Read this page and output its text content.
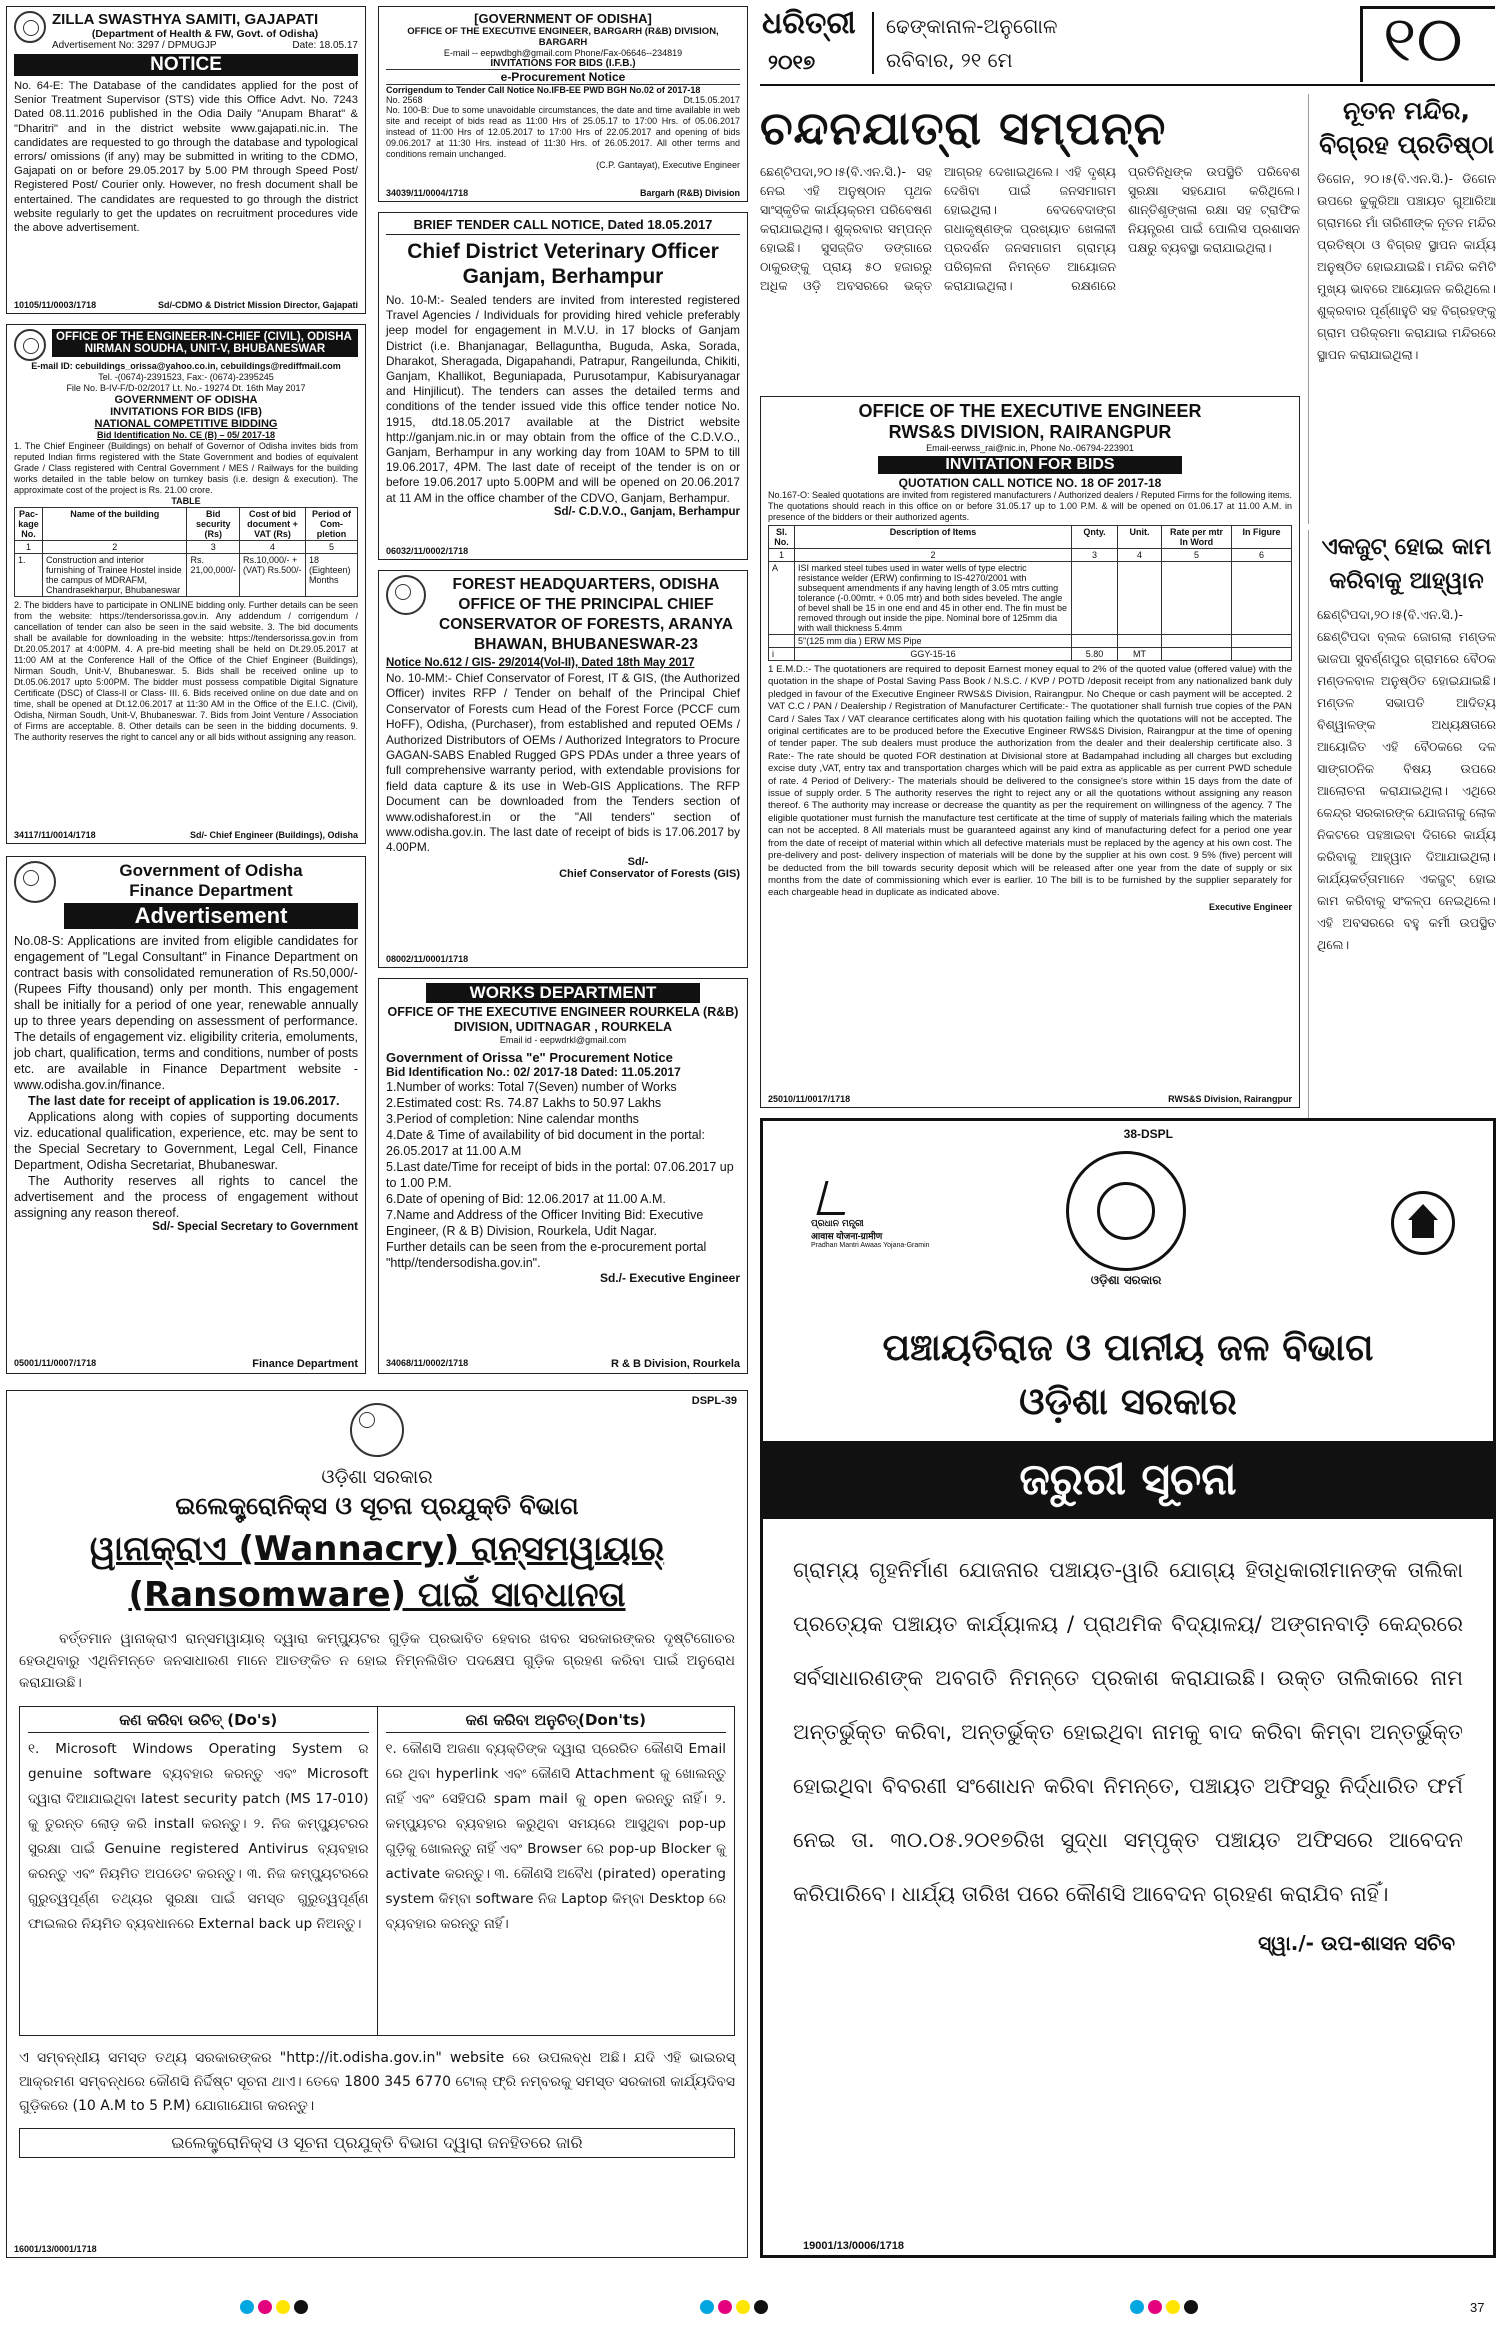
ଧରିତ୍ରୀ
୨୦୧୭
ଢେଙ୍କାନାଳ-ଅନୁଗୋଳ
ରବିବାର, ୨୧ ମେ	୧୦
ZILLA SWASTHYA SAMITI, GAJAPATI
(Department of Health & FW, Govt. of Odisha)
Advertisement No: 3297 / DPMUGJP	Date: 18.05.17
NOTICE
No. 64-E: The Database of the candidates applied for the post of Senior Treatment Supervisor (STS) vide this Office Advt. No. 7243 Dated 08.11.2016 published in the Odia Daily "Anupam Bharat" & "Dharitri" and in the district website www.gajapati.nic.in. The candidates are requested to go through the database and typological errors/ omissions (if any) may be submitted in writing to the CDMO, Gajapati on or before 29.05.2017 by 5.00 PM through Speed Post/ Registered Post/ Courier only. However, no fresh document shall be entertained. The candidates are requested to go through the district website regularly to get the updates on recruitment procedures vide the above advertisement.
10105/11/0003/1718	Sd/-CDMO & District Mission Director, Gajapati
[GOVERNMENT OF ODISHA]
OFFICE OF THE EXECUTIVE ENGINEER, BARGARH (R&B) DIVISION, BARGARH
E-mail -- eepwdbgh@gmail.com Phone/Fax-06646--234819
INVITATIONS FOR BIDS (I.F.B.)
e-Procurement Notice
Corrigendum to Tender Call Notice No.IFB-EE PWD BGH No.02 of 2017-18
No. 2568	Dt.15.05.2017
No. 100-B: Due to some unavoidable circumstances, the date and time available in web site and receipt of bids read as 11:00 Hrs of 25.05.17 to 17:00 Hrs. of 05.06.2017 instead of 11:00 Hrs of 12.05.2017 to 17:00 Hrs of 22.05.2017 and opening of bids 09.06.2017 at 11:30 Hrs. instead of 11:30 Hrs. of 26.05.2017. All other terms and conditions remain unchanged.
(C.P. Gantayat), Executive Engineer
34039/11/0004/1718	Bargarh (R&B) Division
ଚନ୍ଦନଯାତ୍ରା ସମ୍ପନ୍ନ
ଛେଣ୍ଟିପଦା,୨୦।୫(ବି.ଏନ.ସି.)- ସହ ନେଇ ଏହି ଅନୁଷ୍ଠାନ ପୃଥକ ସାଂସ୍କୃତିକ କାର୍ଯ୍ୟକ୍ରମ ପରିବେଷଣ କରାଯାଇଥିଲା। ଶୁକ୍ରବାର ସମ୍ପନ୍ନ ହୋଇଛି। ସୁସଜ୍ଜିତ ଡଙ୍ଗାରେ ଠାକୁରଙ୍କୁ ପ୍ରାୟ ୫୦ ହଜାରରୁ ଅଧିକ ଓଡ଼ି ଅବସରରେ ଭକ୍ତ ଆଗ୍ରହ ଦେଖାଇଥିଲେ। ଏହି ଦୃଶ୍ୟ ଦେଖିବା ପାଇଁ ଜନସମାଗମ ହୋଇଥିଲା। ବେଦବେଦାଙ୍ଗ ଗଧାକୃଷ୍ଣଙ୍କ ପ୍ରଖ୍ୟାତ ଖେଳାଳୀ ପ୍ରଦର୍ଶନ ଜନସମାଗମ ଗ୍ରାମ୍ୟ ପରିଚାଳନା ନିମନ୍ତେ ଆୟୋଜନ କରାଯାଇଥିଲା। ରକ୍ଷଣରେ ପ୍ରତିନିଧିଙ୍କ ଉପସ୍ଥିତି ପରିବେଶ ସୁରକ୍ଷା ସହଯୋଗ କରିଥିଲେ। ଶାନ୍ତିଶୃଙ୍ଖଳା ରକ୍ଷା ସହ ଟ୍ରାଫିକ ନିୟନ୍ତ୍ରଣ ପାଇଁ ପୋଲିସ ପ୍ରଶାସନ ପକ୍ଷରୁ ବ୍ୟବସ୍ଥା କରାଯାଇଥିଲା।
ନୂତନ ମନ୍ଦିର, ବିଗ୍ରହ ପ୍ରତିଷ୍ଠା
ଡିଗେନ, ୨୦।୫(ବି.ଏନ.ସି.)- ଡିଗେନ ଉପରେ ଢୁକୁରିଆ ପଞ୍ଚାୟତ ଗୁଆରିଆ ଗ୍ରାମରେ ମାଁ ତାରିଣୀଙ୍କ ନୂତନ ମନ୍ଦିର ପ୍ରତିଷ୍ଠା ଓ ବିଗ୍ରହ ସ୍ଥାପନ କାର୍ଯ୍ୟ ଅନୁଷ୍ଠିତ ହୋଇଯାଇଛି। ମନ୍ଦିର କମିଟି ମୁଖ୍ୟ ଭାବରେ ଆୟୋଜନ କରିଥିଲେ। ଶୁକ୍ରବାର ପୂର୍ଣ୍ଣାହୁତି ସହ ବିଗ୍ରହଙ୍କୁ ଗ୍ରାମ ପରିକ୍ରମା କରାଯାଇ ମନ୍ଦିରରେ ସ୍ଥାପନ କରାଯାଇଥିଲା।
OFFICE OF THE ENGINEER-IN-CHIEF (CIVIL), ODISHA
NIRMAN SOUDHA, UNIT-V, BHUBANESWAR
E-mail ID: cebuildings_orissa@yahoo.co.in, cebuildings@rediffmail.com
Tel. -(0674)-2391523, Fax:- (0674)-2395245
File No. B-IV-F/D-02/2017 Lt. No.- 19274 Dt. 16th May 2017
GOVERNMENT OF ODISHA
INVITATIONS FOR BIDS (IFB)
NATIONAL COMPETITIVE BIDDING
Bid Identification No. CE (B) – 05/ 2017-18
1. The Chief Engineer (Buildings) on behalf of Governor of Odisha invites bids from reputed Indian firms registered with the State Government and bodies of equivalent Grade / Class registered with Central Government / MES / Railways for the building works detailed in the table below on turnkey basis (i.e. design & execution). The approximate cost of the project is Rs. 21.00 crore.
TABLE
Pac-kage No.	Name of the building	Bid security (Rs)	Cost of bid document + VAT (Rs)	Period of Com-pletion
1	2	3	4	5
1.	Construction and interior furnishing of Trainee Hostel inside the campus of MDRAFM, Chandrasekharpur, Bhubaneswar	Rs. 21,00,000/-	Rs.10,000/- + (VAT) Rs.500/-	18 (Eighteen) Months
2. The bidders have to participate in ONLINE bidding only. Further details can be seen from the website: https://tendersorissa.gov.in. Any addendum / corrigendum / cancellation of tender can also be seen in the said website. 3. The bid documents shall be available for downloading in the website: https://tendersorissa.gov.in from Dt.20.05.2017 at 4:00PM. 4. A pre-bid meeting shall be held on Dt.29.05.2017 at 11:00 AM at the Conference Hall of the Office of the Chief Engineer (Buildings), Nirman Soudh, Unit-V, Bhubaneswar. 5. Bids shall be received online up to Dt.05.06.2017 upto 5:00PM. The bidder must possess compatible Digital Signature Certificate (DSC) of Class-II or Class- III. 6. Bids received online on due date and on time, shall be opened at Dt.12.06.2017 at 11:30 AM in the Office of the E.I.C. (Civil), Odisha, Nirman Soudh, Unit-V, Bhubaneswar. 7. Bids from Joint Venture / Association of Firms are acceptable. 8. Other details can be seen in the bidding documents. 9. The authority reserves the right to cancel any or all bids without assigning any reason.
34117/11/0014/1718	Sd/- Chief Engineer (Buildings), Odisha
BRIEF TENDER CALL NOTICE, Dated 18.05.2017
Chief District Veterinary Officer Ganjam, Berhampur
No. 10-M:- Sealed tenders are invited from interested registered Travel Agencies / Individuals for providing hired vehicle preferably jeep model for engagement in M.V.U. in 17 blocks of Ganjam District (i.e. Bhanjanagar, Bellaguntha, Buguda, Aska, Sorada, Dharakot, Sheragada, Digapahandi, Patrapur, Rangeilunda, Chikiti, Ganjam, Khallikot, Beguniapada, Purusotampur, Kabisuryanagar and Hinjilicut). The tenders can asses the detailed terms and conditions of the tender issued vide this office tender notice No. 1915, dtd.18.05.2017 available at the District website http://ganjam.nic.in or may obtain from the office of the C.D.V.O., Ganjam, Berhampur in any working day from 10AM to 5PM to till 19.06.2017, 4PM. The last date of receipt of the tender is on or before 19.06.2017 upto 5.00PM and will be opened on 20.06.2017 at 11 AM in the office chamber of the CDVO, Ganjam, Berhampur.
Sd/- C.D.V.O., Ganjam, Berhampur
06032/11/0002/1718
OFFICE OF THE EXECUTIVE ENGINEER
RWS&S DIVISION, RAIRANGPUR
Email-eerwss_rai@nic.in, Phone No.-06794-223901
INVITATION FOR BIDS
QUOTATION CALL NOTICE NO. 18 OF 2017-18
No.167-O: Sealed quotations are invited from registered manufacturers / Authorized dealers / Reputed Firms for the following items. The quotations should reach in this office on or before 31.05.17 up to 1.00 P.M. & will be opened on 01.06.17 at 11.00 A.M. in presence of the bidders or their authorized agents.
Sl. No.	Description of Items	Qnty.	Unit.	Rate per mtr In Word	In Figure
1	2	3	4	5	6
A	ISI marked steel tubes used in water wells of type electric resistance welder (ERW) confirming to IS-4270/2001 with subsequent amendments if any having length of 3.05 mtrs cutting tolerance (-0.00mtr. + 0.05 mtr) and both sides beveled. The angle of bevel shall be 15 in one end and 45 in other end. The fin must be removed through out inside the pipe. Nominal bore of 125mm dia with wall thickness 5.4mm				
	5"(125 mm dia ) ERW MS Pipe				
i	GGY-15-16	5.80	MT		
1 E.M.D.:- The quotationers are required to deposit Earnest money equal to 2% of the quoted value (offered value) with the quotation in the shape of Postal Saving Pass Book / N.S.C. / KVP / POTD /deposit receipt from any nationalized bank duly pledged in favour of the Executive Engineer RWS&S Division, Rairangpur. No Cheque or cash payment will be accepted. 2 VAT C.C / PAN / Dealership / Registration of Manufacturer Certificate:- The quotationer shall furnish true copies of the PAN Card / Sales Tax / VAT clearance certificates along with his quotation failing which the quotations will not be accepted. The original certificates are to be produced before the Executive Engineer RWS&S Division, Rairangpur at the time of opening of tender paper. The sub dealers must produce the authorization from the dealer and their dealership certificate also. 3 Rate:- The rate should be quoted FOR destination at Divisional store at Badampahad including all charges but excluding excise duty ,VAT, entry tax and transportation charges which will be paid extra as applicable as per current PWD schedule of rate. 4 Period of Delivery:- The materials should be delivered to the consignee's store within 15 days from the date of issue of supply order. 5 The authority reserves the right to reject any or all the quotations without assigning any reason thereof. 6 The authority may increase or decrease the quantity as per the requirement on willingness of the agency. 7 The eligible quotationer must furnish the manufacture test certificate at the time of supply of materials failing which the materials can not be accepted. 8 All materials must be guaranteed against any kind of manufacturing defect for a period one year from the date of receipt of material within which all defective materials must be replaced by the agency at his own cost. The pre-delivery and post- delivery inspection of materials will be done by the supplier at his own cost. 9 5% (five) percent will be deducted from the bill towards security deposit which will be released after one year from the date of supply or six months from the date of commissioning which ever is earlier. 10 The bill is to be furnished by the supplier separately for each chargeable head in duplicate as indicated above.
Executive Engineer
25010/11/0017/1718	RWS&S Division, Rairangpur
ଏକଜୁଟ୍ ହୋଇ କାମ କରିବାକୁ ଆହ୍ୱାନ
ଛେଣ୍ଟିପଦା,୨୦।୫(ବି.ଏନ.ସି.)- ଛେଣ୍ଟିପଦା ବ୍ଲକ ଜୋଗଲା ମଣ୍ଡଳ ଭାଜପା ସୁବର୍ଣ୍ଣପୁର ଗ୍ରାମରେ ବୈଠକ ମଣ୍ଡଳବାଳ ଅନୁଷ୍ଠିତ ହୋଇଯାଇଛି। ମଣ୍ଡଳ ସଭାପତି ଆଦିତ୍ୟ ବିଶ୍ୱାଳଙ୍କ ଅଧ୍ୟକ୍ଷତାରେ ଆୟୋଜିତ ଏହି ବୈଠକରେ ଦଳ ସାଙ୍ଗଠନିକ ବିଷୟ ଉପରେ ଆଲୋଚନା କରାଯାଇଥିଲା। ଏଥିରେ କେନ୍ଦ୍ର ସରକାରଙ୍କ ଯୋଜନାକୁ ଲୋକ ନିକଟରେ ପହଞ୍ଚାଇବା ଦିଗରେ କାର୍ଯ୍ୟ କରିବାକୁ ଆହ୍ୱାନ ଦିଆଯାଇଥିଲା। କାର୍ଯ୍ୟକର୍ତ୍ତାମାନେ ଏକଜୁଟ୍ ହୋଇ କାମ କରିବାକୁ ସଂକଳ୍ପ ନେଇଥିଲେ। ଏହି ଅବସରରେ ବହୁ କର୍ମୀ ଉପସ୍ଥିତ ଥିଲେ।
FOREST HEADQUARTERS, ODISHA OFFICE OF THE PRINCIPAL CHIEF CONSERVATOR OF FORESTS, ARANYA BHAWAN, BHUBANESWAR-23
Notice No.612 / GIS- 29/2014(Vol-II), Dated 18th May 2017
No. 10-MM:- Chief Conservator of Forest, IT & GIS, (the Authorized Officer) invites RFP / Tender on behalf of the Principal Chief Conservator of Forests cum Head of the Forest Force (PCCF cum HoFF), Odisha, (Purchaser), from established and reputed OEMs / Authorized Distributors of OEMs / Authorized Integrators to Procure GAGAN-SABS Enabled Rugged GPS PDAs under a three years of full comprehensive warranty period, with extendable provisions for field data capture & its use in Web-GIS Applications. The RFP Document can be downloaded from the Tenders section of www.odishaforest.in or the "All tenders" section of www.odisha.gov.in. The last date of receipt of bids is 17.06.2017 by 4.00PM.
Sd/-
Chief Conservator of Forests (GIS)
08002/11/0001/1718
Government of Odisha
Finance Department
Advertisement
No.08-S: Applications are invited from eligible candidates for engagement of "Legal Consultant" in Finance Department on contract basis with consolidated remuneration of Rs.50,000/- (Rupees Fifty thousand) only per month. This engagement shall be initially for a period of one year, renewable annually up to three years depending on assessment of performance. The details of engagement viz. eligibility criteria, emoluments, job chart, qualification, terms and conditions, number of posts etc. are available in Finance Department website - www.odisha.gov.in/finance.
The last date for receipt of application is 19.06.2017.
Applications along with copies of supporting documents viz. educational qualification, experience, etc. may be sent to the Special Secretary to Government, Legal Cell, Finance Department, Odisha Secretariat, Bhubaneswar.
The Authority reserves all rights to cancel the advertisement and the process of engagement without assigning any reason thereof.
Sd/- Special Secretary to Government
05001/11/0007/1718	Finance Department
WORKS DEPARTMENT
OFFICE OF THE EXECUTIVE ENGINEER ROURKELA (R&B) DIVISION, UDITNAGAR , ROURKELA
Email id - eepwdrkl@gmail.com
Government of Orissa "e" Procurement Notice
Bid Identification No.: 02/ 2017-18 Dated: 11.05.2017
1.Number of works: Total 7(Seven) number of Works
2.Estimated cost: Rs. 74.87 Lakhs to 50.97 Lakhs
3.Period of completion: Nine calendar months
4.Date & Time of availability of bid document in the portal: 26.05.2017 at 11.00 A.M
5.Last date/Time for receipt of bids in the portal: 07.06.2017 up to 1.00 P.M.
6.Date of opening of Bid: 12.06.2017 at 11.00 A.M.
7.Name and Address of the Officer Inviting Bid: Executive Engineer, (R & B) Division, Rourkela, Udit Nagar.
Further details can be seen from the e-procurement portal "http//tendersodisha.gov.in".
Sd./- Executive Engineer
34068/11/0002/1718	R & B Division, Rourkela
DSPL-39
ଓଡ଼ିଶା ସରକାର
ଇଲେକ୍ଟ୍ରୋନିକ୍ସ ଓ ସୂଚନା ପ୍ରଯୁକ୍ତି ବିଭାଗ
ୱାନାକ୍ରାଏ (Wannacry) ରାନ୍‌ସମୱାୟାର୍
(Ransomware) ପାଇଁ ସାବଧାନତା
ବର୍ତ୍ତମାନ ୱାନାକ୍ରାଏ ରାନ୍‌ସମୱାୟାର୍ ଦ୍ୱାରା କମ୍ପ୍ୟୁଟର ଗୁଡ଼ିକ ପ୍ରଭାବିତ ହେବାର ଖବର ସରକାରଙ୍କର ଦୃଷ୍ଟିଗୋଚର ହେଉଥିବାରୁ ଏଥିନିମନ୍ତେ ଜନସାଧାରଣ ମାନେ ଆତଙ୍କିତ ନ ହୋଇ ନିମ୍ନଲିଖିତ ପଦକ୍ଷେପ ଗୁଡ଼ିକ ଗ୍ରହଣ କରିବା ପାଇଁ ଅନୁରୋଧ କରାଯାଉଛି।
କଣ କରିବା ଉଚିତ୍ (Do's)
୧. Microsoft Windows Operating System ର genuine software ବ୍ୟବହାର କରନ୍ତୁ ଏବଂ Microsoft ଦ୍ୱାରା ଦିଆଯାଇଥିବା latest security patch (MS 17-010) କୁ ତୁରନ୍ତ ଲୋଡ଼ କରି install କରନ୍ତୁ। ୨. ନିଜ କମ୍ପ୍ୟୁଟରର ସୁରକ୍ଷା ପାଇଁ Genuine registered Antivirus ବ୍ୟବହାର କରନ୍ତୁ ଏବଂ ନିୟମିତ ଅପଡେଟ କରନ୍ତୁ। ୩. ନିଜ କମ୍ପ୍ୟୁଟରରେ ଗୁରୁତ୍ୱପୂର୍ଣ୍ଣ ତଥ୍ୟର ସୁରକ୍ଷା ପାଇଁ ସମସ୍ତ ଗୁରୁତ୍ୱପୂର୍ଣ୍ଣ ଫାଇଲର ନିୟମିତ ବ୍ୟବଧାନରେ External back up ନିଅନ୍ତୁ।
କଣ କରିବା ଅନୁଚିତ୍(Don'ts)
୧. କୌଣସି ଅଜଣା ବ୍ୟକ୍ତିଙ୍କ ଦ୍ୱାରା ପ୍ରେରିତ କୌଣସି Email ରେ ଥିବା hyperlink ଏବଂ କୌଣସି Attachment କୁ ଖୋଲନ୍ତୁ ନାହିଁ ଏବଂ ସେହିପରି spam mail କୁ open କରନ୍ତୁ ନାହିଁ। ୨. କମ୍ପ୍ୟୁଟର ବ୍ୟବହାର କରୁଥିବା ସମୟରେ ଆସୁଥିବା pop-up ଗୁଡ଼ିକୁ ଖୋଲନ୍ତୁ ନାହିଁ ଏବଂ Browser ରେ pop-up Blocker କୁ activate କରନ୍ତୁ। ୩. କୌଣସି ଅବୈଧ (pirated) operating system କିମ୍ବା software ନିଜ Laptop କିମ୍ବା Desktop ରେ ବ୍ୟବହାର କରନ୍ତୁ ନାହିଁ।
ଏ ସମ୍ବନ୍ଧୀୟ ସମସ୍ତ ତଥ୍ୟ ସରକାରଙ୍କର "http://it.odisha.gov.in" website ରେ ଉପଲବ୍ଧ ଅଛି। ଯଦି ଏହି ଭାଇରସ୍ ଆକ୍ରମଣ ସମ୍ବନ୍ଧରେ କୌଣସି ନିର୍ଦ୍ଦିଷ୍ଟ ସୂଚନା ଥାଏ। ତେବେ 1800 345 6770 ଟୋଲ୍ ଫ୍ରି ନମ୍ବରକୁ ସମସ୍ତ ସରକାରୀ କାର୍ଯ୍ୟଦିବସ ଗୁଡ଼ିକରେ (10 A.M to 5 P.M) ଯୋଗାଯୋଗ କରନ୍ତୁ।
ଇଲେକ୍ଟ୍ରୋନିକ୍ସ ଓ ସୂଚନା ପ୍ରଯୁକ୍ତି ବିଭାଗ ଦ୍ୱାରା ଜନହିତରେ ଜାରି
16001/13/0001/1718
38-DSPL
ପ୍ରଧାନ ମନ୍ତ୍ରୀ
आवास योजना-ग्रामीण
Pradhan Mantri Awaas Yojana-Gramin
ଓଡ଼ିଶା ସରକାର
ପଞ୍ଚାୟତିରାଜ ଓ ପାନୀୟ ଜଳ ବିଭାଗ
ଓଡ଼ିଶା ସରକାର
ଜରୁରୀ ସୂଚନା
ଗ୍ରାମ୍ୟ ଗୃହନିର୍ମାଣ ଯୋଜନାର ପଞ୍ଚାୟତ-ୱାରି ଯୋଗ୍ୟ ହିତାଧିକାରୀମାନଙ୍କ ତାଲିକା ପ୍ରତ୍ୟେକ ପଞ୍ଚାୟତ କାର୍ଯ୍ୟାଳୟ / ପ୍ରାଥମିକ ବିଦ୍ୟାଳୟ/ ଅଙ୍ଗନବାଡ଼ି କେନ୍ଦ୍ରରେ ସର୍ବସାଧାରଣଙ୍କ ଅବଗତି ନିମନ୍ତେ ପ୍ରକାଶ କରାଯାଇଛି। ଉକ୍ତ ତାଲିକାରେ ନାମ ଅନ୍ତର୍ଭୁକ୍ତ କରିବା, ଅନ୍ତର୍ଭୁକ୍ତ ହୋଇଥିବା ନାମକୁ ବାଦ କରିବା କିମ୍ବା ଅନ୍ତର୍ଭୁକ୍ତ ହୋଇଥିବା ବିବରଣୀ ସଂଶୋଧନ କରିବା ନିମନ୍ତେ, ପଞ୍ଚାୟତ ଅଫିସରୁ ନିର୍ଦ୍ଧାରିତ ଫର୍ମ ନେଇ ତା. ୩୦.୦୫.୨୦୧୭ରିଖ ସୁଦ୍ଧା ସମ୍ପୃକ୍ତ ପଞ୍ଚାୟତ ଅଫିସରେ ଆବେଦନ କରିପାରିବେ। ଧାର୍ଯ୍ୟ ତାରିଖ ପରେ କୌଣସି ଆବେଦନ ଗ୍ରହଣ କରାଯିବ ନାହିଁ।
ସ୍ୱା./- ଉପ-ଶାସନ ସଚିବ
19001/13/0006/1718
37
